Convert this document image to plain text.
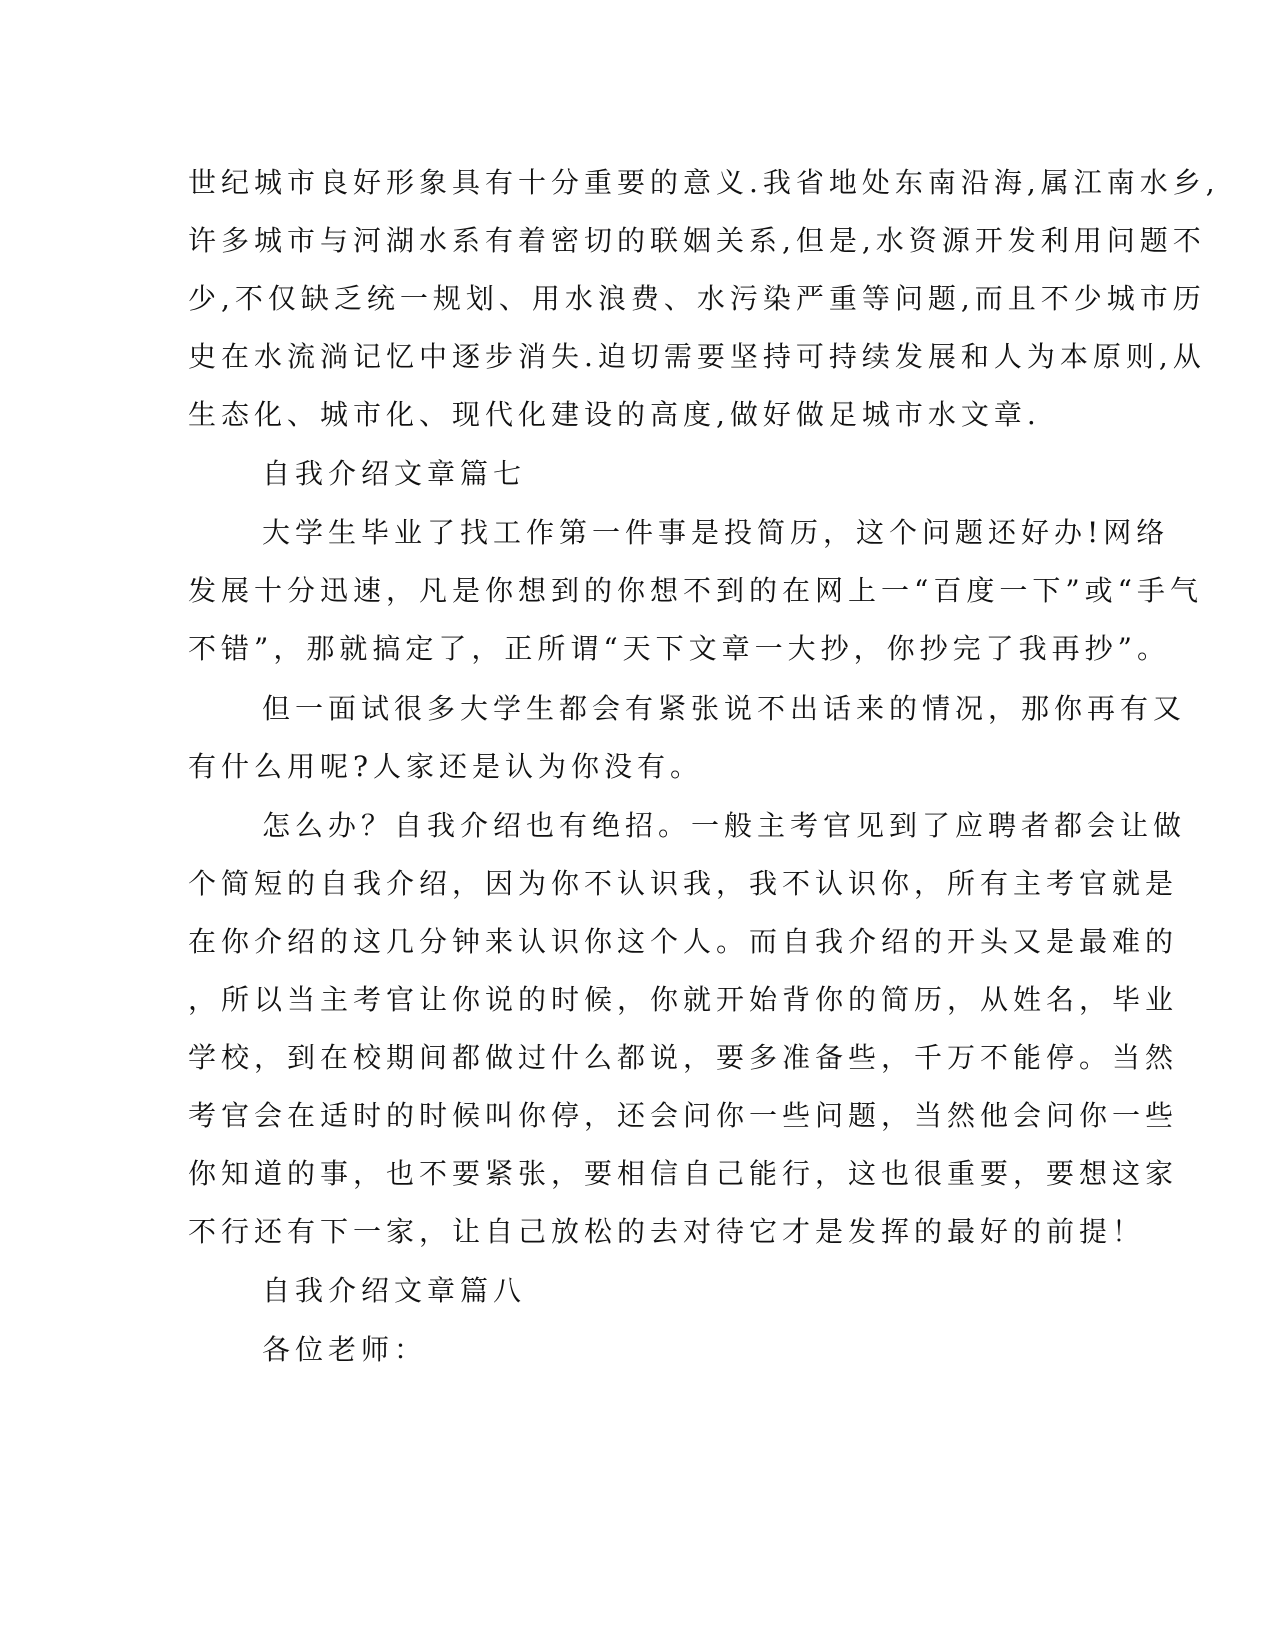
世纪城市良好形象具有十分重要的意义.我省地处东南沿海,属江南水乡,
许多城市与河湖水系有着密切的联姻关系,但是,水资源开发利用问题不
少,不仅缺乏统一规划、用水浪费、水污染严重等问题,而且不少城市历
史在水流淌记忆中逐步消失.迫切需要坚持可持续发展和人为本原则,从
生态化、城市化、现代化建设的高度,做好做足城市水文章.
自我介绍文章篇七
大学生毕业了找工作第一件事是投简历，这个问题还好办!网络
发展十分迅速，凡是你想到的你想不到的在网上一“百度一下”或“手气
不错”，那就搞定了，正所谓“天下文章一大抄，你抄完了我再抄”。
但一面试很多大学生都会有紧张说不出话来的情况，那你再有又
有什么用呢?人家还是认为你没有。
怎么办？自我介绍也有绝招。一般主考官见到了应聘者都会让做
个简短的自我介绍，因为你不认识我，我不认识你，所有主考官就是
在你介绍的这几分钟来认识你这个人。而自我介绍的开头又是最难的
，所以当主考官让你说的时候，你就开始背你的简历，从姓名，毕业
学校，到在校期间都做过什么都说，要多准备些，千万不能停。当然
考官会在适时的时候叫你停，还会问你一些问题，当然他会问你一些
你知道的事，也不要紧张，要相信自己能行，这也很重要，要想这家
不行还有下一家，让自己放松的去对待它才是发挥的最好的前提！
自我介绍文章篇八
各位老师：
